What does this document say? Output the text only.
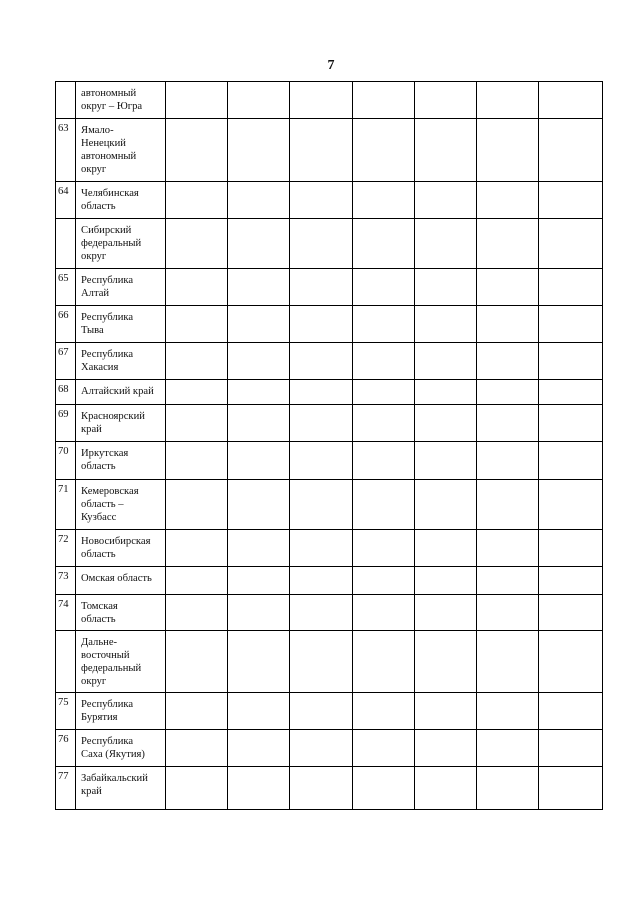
7
	автономный
округ – Югра							
63	Ямало-
Ненецкий
автономный
округ							
64	Челябинская
область							
	Сибирский
федеральный
округ							
65	Республика
Алтай							
66	Республика
Тыва							
67	Республика
Хакасия							
68	Алтайский край							
69	Красноярский
край							
70	Иркутская
область							
71	Кемеровская
область –
Кузбасс							
72	Новосибирская
область							
73	Омская область							
74	Томская
область							
	Дальне-
восточный
федеральный
округ							
75	Республика
Бурятия							
76	Республика
Саха (Якутия)							
77	Забайкальский
край							
